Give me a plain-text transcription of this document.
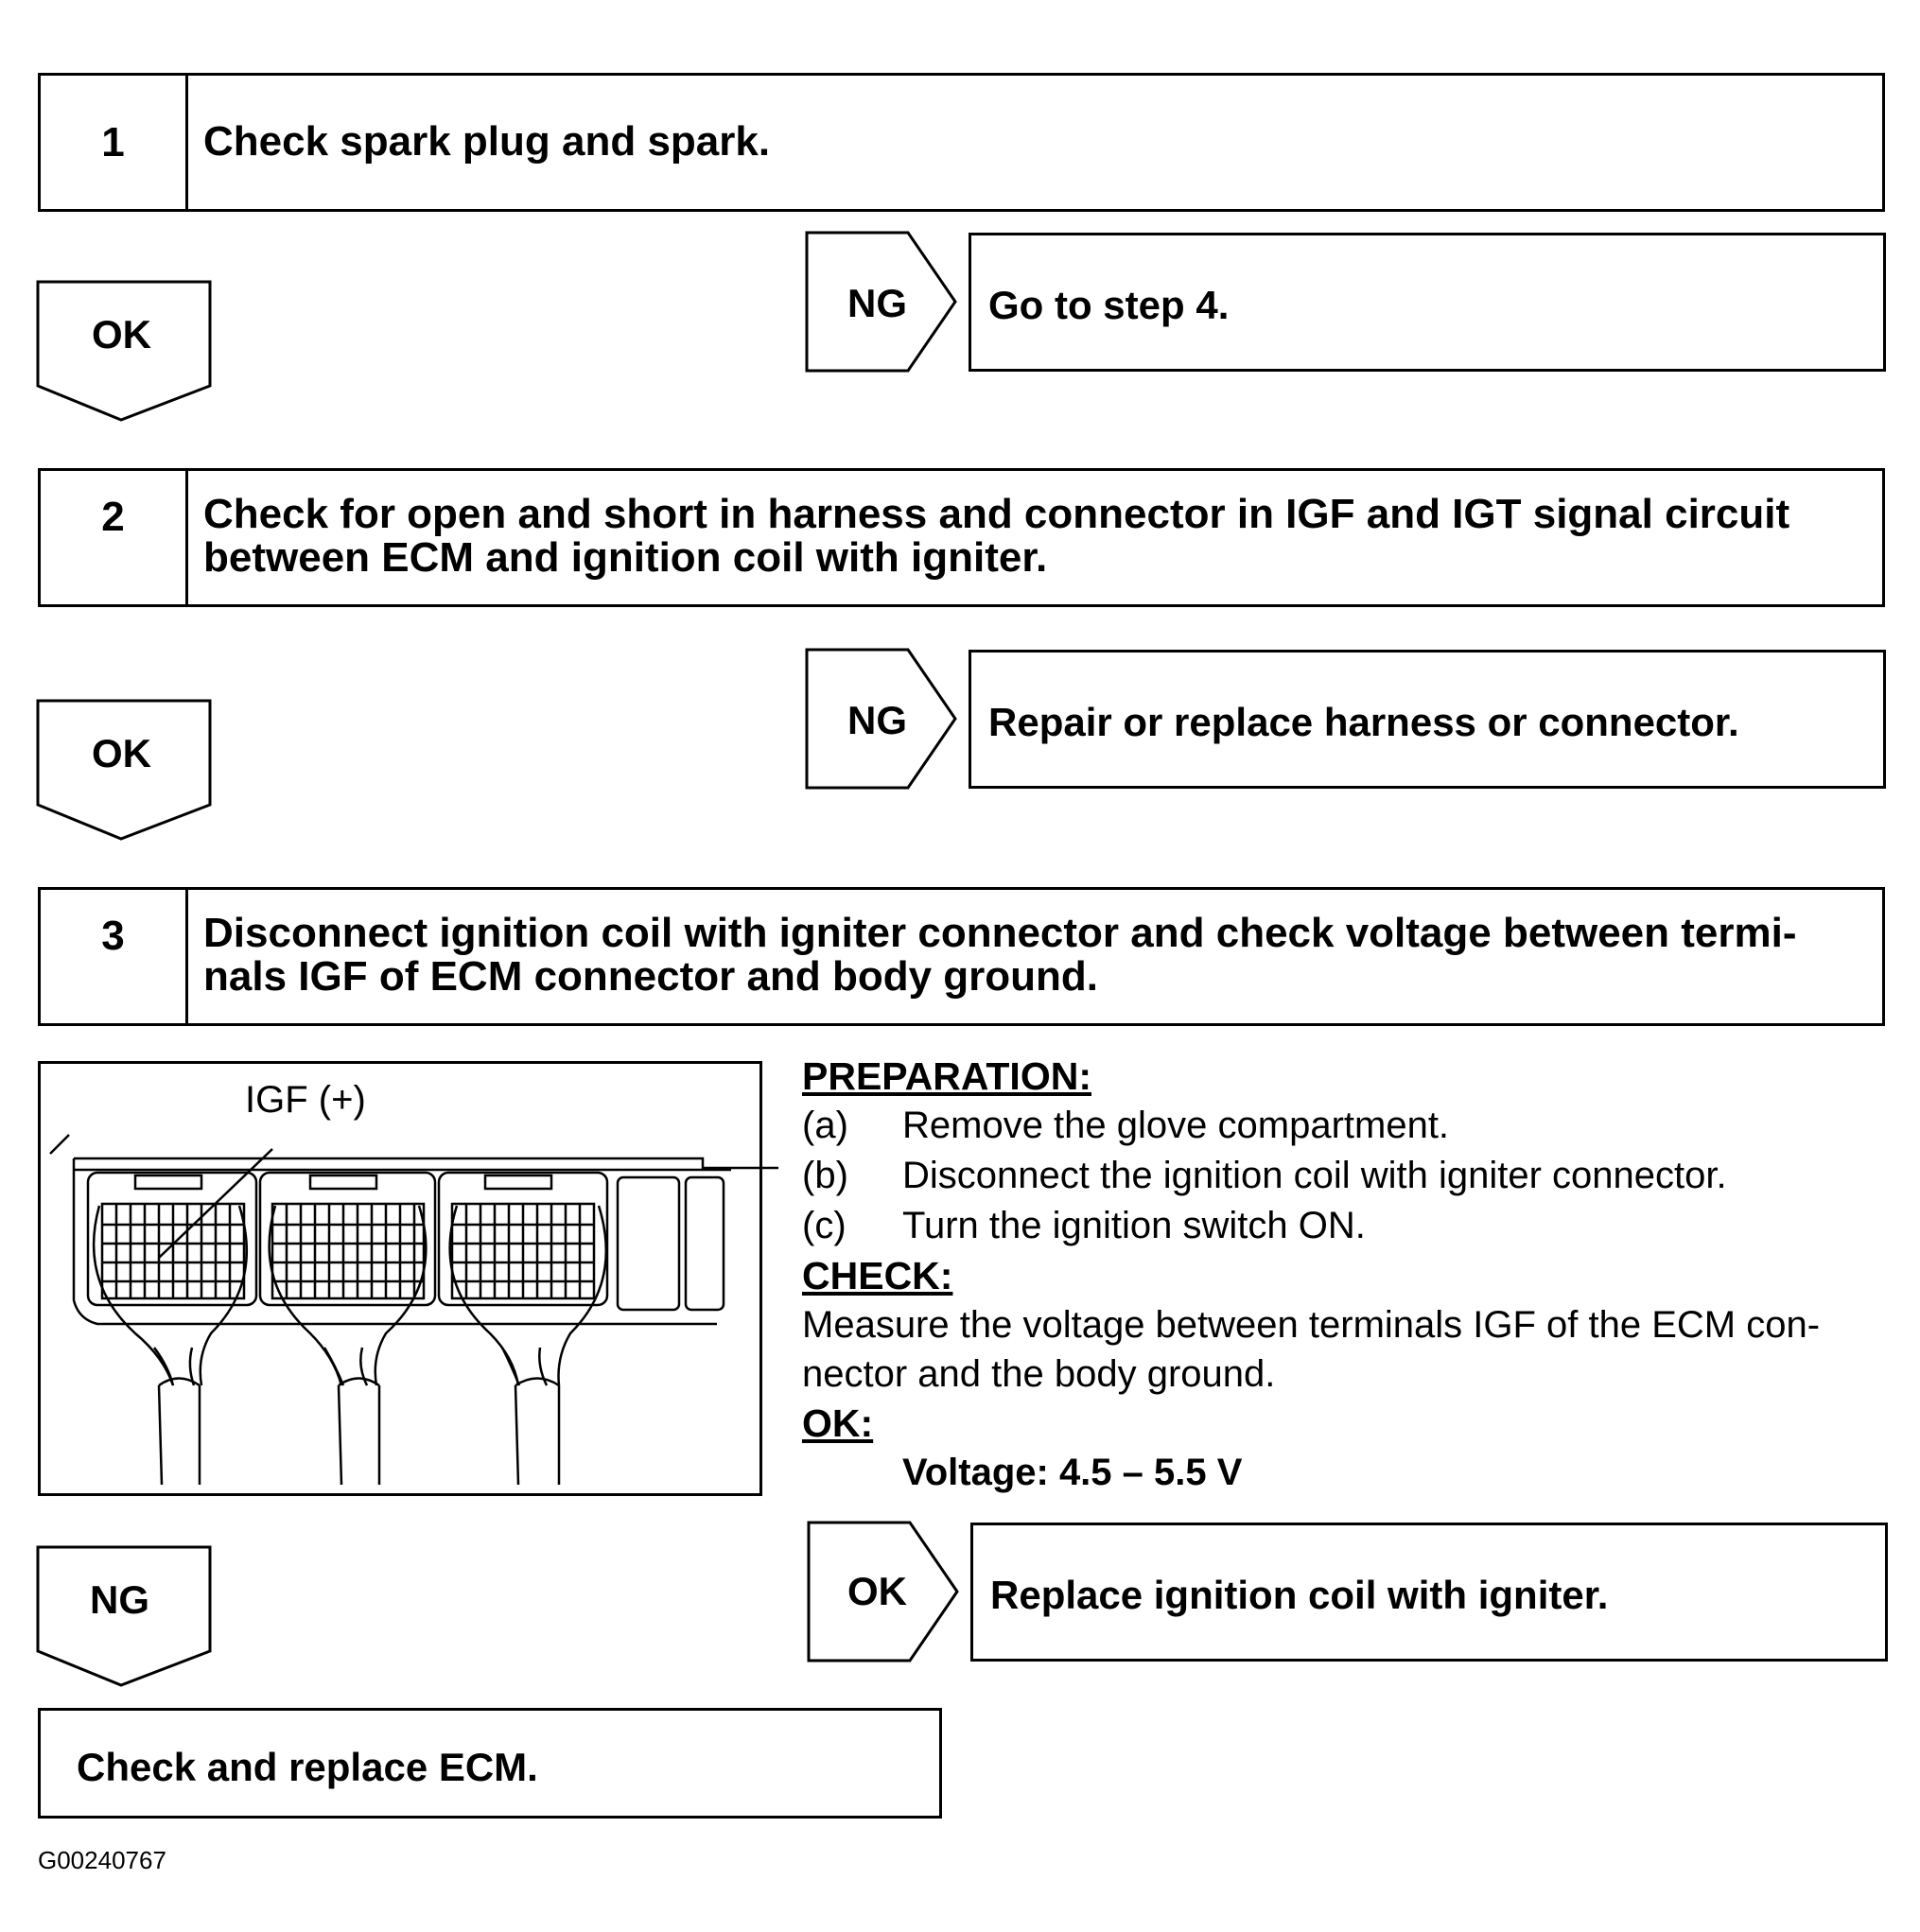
1	Check spark plug and spark.
OK
NG Go to step 4.
2	Check for open and short in harness and connector in IGF and IGT signal circuit
between ECM and ignition coil with igniter.
OK
NG Repair or replace harness or connector.
3	Disconnect ignition coil with igniter connector and check voltage between termi-
nals IGF of ECM connector and body ground.
IGF (+)
PREPARATION:
(a) Remove the glove compartment.
(b) Disconnect the ignition coil with igniter connector.
(c) Turn the ignition switch ON.
CHECK:
Measure the voltage between terminals IGF of the ECM con-
nector and the body ground.
OK:
Voltage: 4.5 – 5.5 V
NG	OK Replace ignition coil with igniter.
Check and replace ECM.
G00240767
